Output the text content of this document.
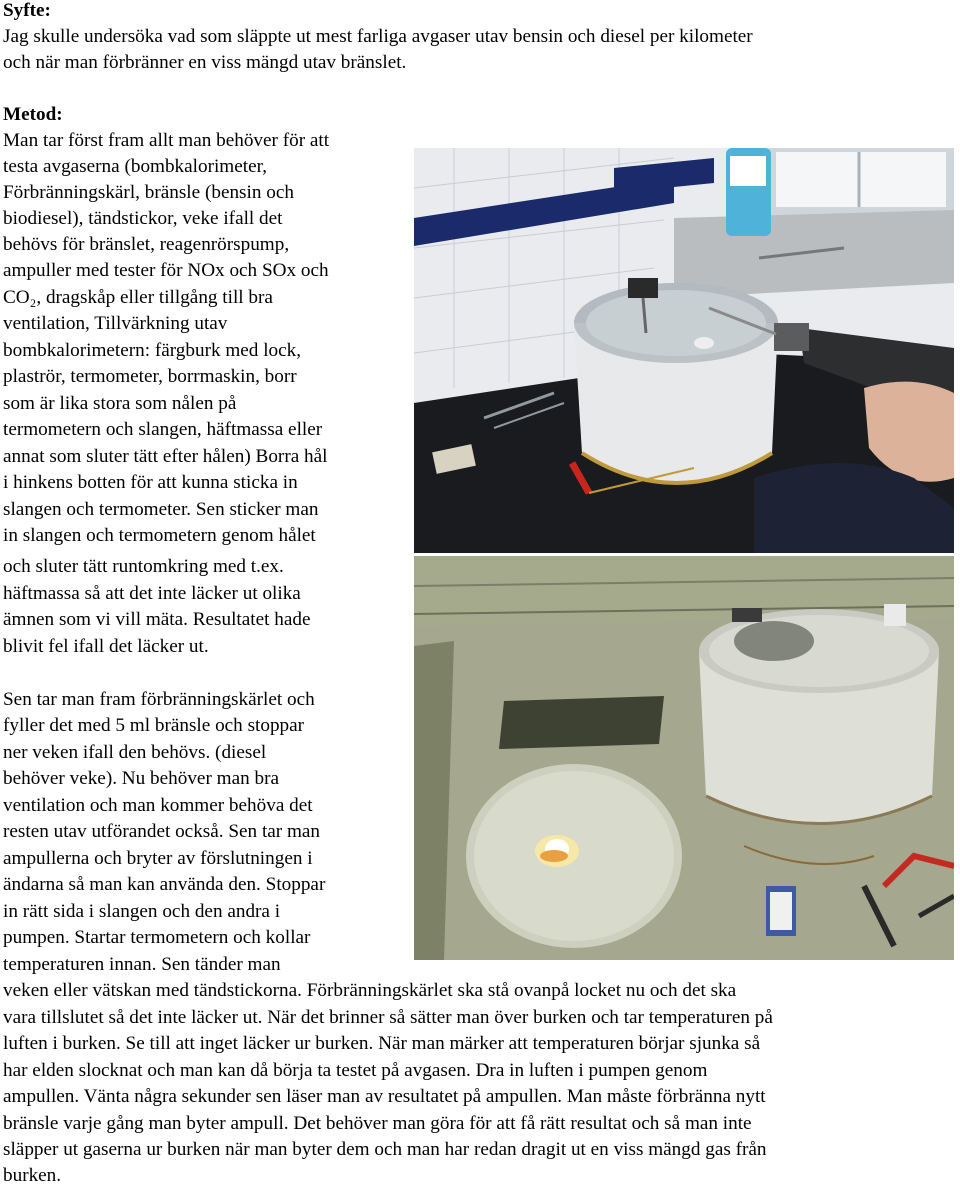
Syfte:
Jag skulle undersöka vad som släppte ut mest farliga avgaser utav bensin och diesel per kilometer
och när man förbränner en viss mängd utav bränslet.
Metod:
Man tar först fram allt man behöver för att
testa avgaserna (bombkalorimeter,
Förbränningskärl, bränsle (bensin och
biodiesel), tändstickor, veke ifall det
behövs för bränslet, reagenrörspump,
ampuller med tester för NOx och SOx och
CO₂, dragskåp eller tillgång till bra
ventilation, Tillvärkning utav
bombkalorimetern: färgburk med lock,
plaströr, termometer, borrmaskin, borr
som är lika stora som nålen på
termometern och slangen, häftmassa eller
annat som sluter tätt efter hålen) Borra hål
i hinkens botten för att kunna sticka in
slangen och termometer. Sen sticker man
in slangen och termometern genom hålet
och sluter tätt runtomkring med t.ex.
häftmassa så att det inte läcker ut olika
ämnen som vi vill mäta. Resultatet hade
blivit fel ifall det läcker ut.
Sen tar man fram förbränningskärlet och
fyller det med 5 ml bränsle och stoppar
ner veken ifall den behövs. (diesel
behöver veke). Nu behöver man bra
ventilation och man kommer behöva det
resten utav utförandet också. Sen tar man
ampullerna och bryter av förslutningen i
ändarna så man kan använda den. Stoppar
in rätt sida i slangen och den andra i
pumpen. Startar termometern och kollar
temperaturen innan. Sen tänder man
veken eller vätskan med tändstickorna. Förbränningskärlet ska stå ovanpå locket nu och det ska
vara tillslutet så det inte läcker ut. När det brinner så sätter man över burken och tar temperaturen på
luften i burken. Se till att inget läcker ur burken. När man märker att temperaturen börjar sjunka så
har elden slocknat och man kan då börja ta testet på avgasen. Dra in luften i pumpen genom
ampullen. Vänta några sekunder sen läser man av resultatet på ampullen. Man måste förbränna nytt
bränsle varje gång man byter ampull. Det behöver man göra för att få rätt resultat och så man inte
släpper ut gaserna ur burken när man byter dem och man har redan dragit ut en viss mängd gas från
burken.
